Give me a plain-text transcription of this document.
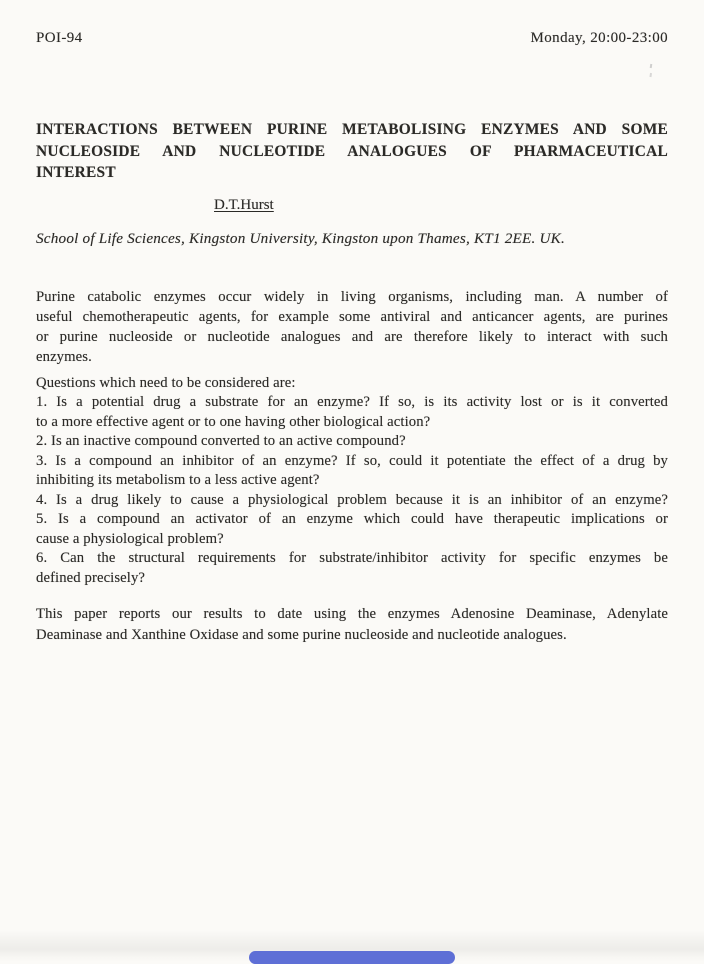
POI-94	Monday, 20:00-23:00
INTERACTIONS BETWEEN PURINE METABOLISING ENZYMES AND SOME
NUCLEOSIDE AND NUCLEOTIDE ANALOGUES OF PHARMACEUTICAL
INTEREST
D.T.Hurst
School of Life Sciences, Kingston University, Kingston upon Thames, KT1 2EE. UK.
Purine catabolic enzymes occur widely in living organisms, including man. A number of
useful chemotherapeutic agents, for example some antiviral and anticancer agents, are purines
or purine nucleoside or nucleotide analogues and are therefore likely to interact with such
enzymes.
Questions which need to be considered are:
1. Is a potential drug a substrate for an enzyme? If so, is its activity lost or is it converted
to a more effective agent or to one having other biological action?
2. Is an inactive compound converted to an active compound?
3. Is a compound an inhibitor of an enzyme? If so, could it potentiate the effect of a drug by
inhibiting its metabolism to a less active agent?
4. Is a drug likely to cause a physiological problem because it is an inhibitor of an enzyme?
5. Is a compound an activator of an enzyme which could have therapeutic implications or
cause a physiological problem?
6. Can the structural requirements for substrate/inhibitor activity for specific enzymes be
defined precisely?
This paper reports our results to date using the enzymes Adenosine Deaminase, Adenylate
Deaminase and Xanthine Oxidase and some purine nucleoside and nucleotide analogues.
